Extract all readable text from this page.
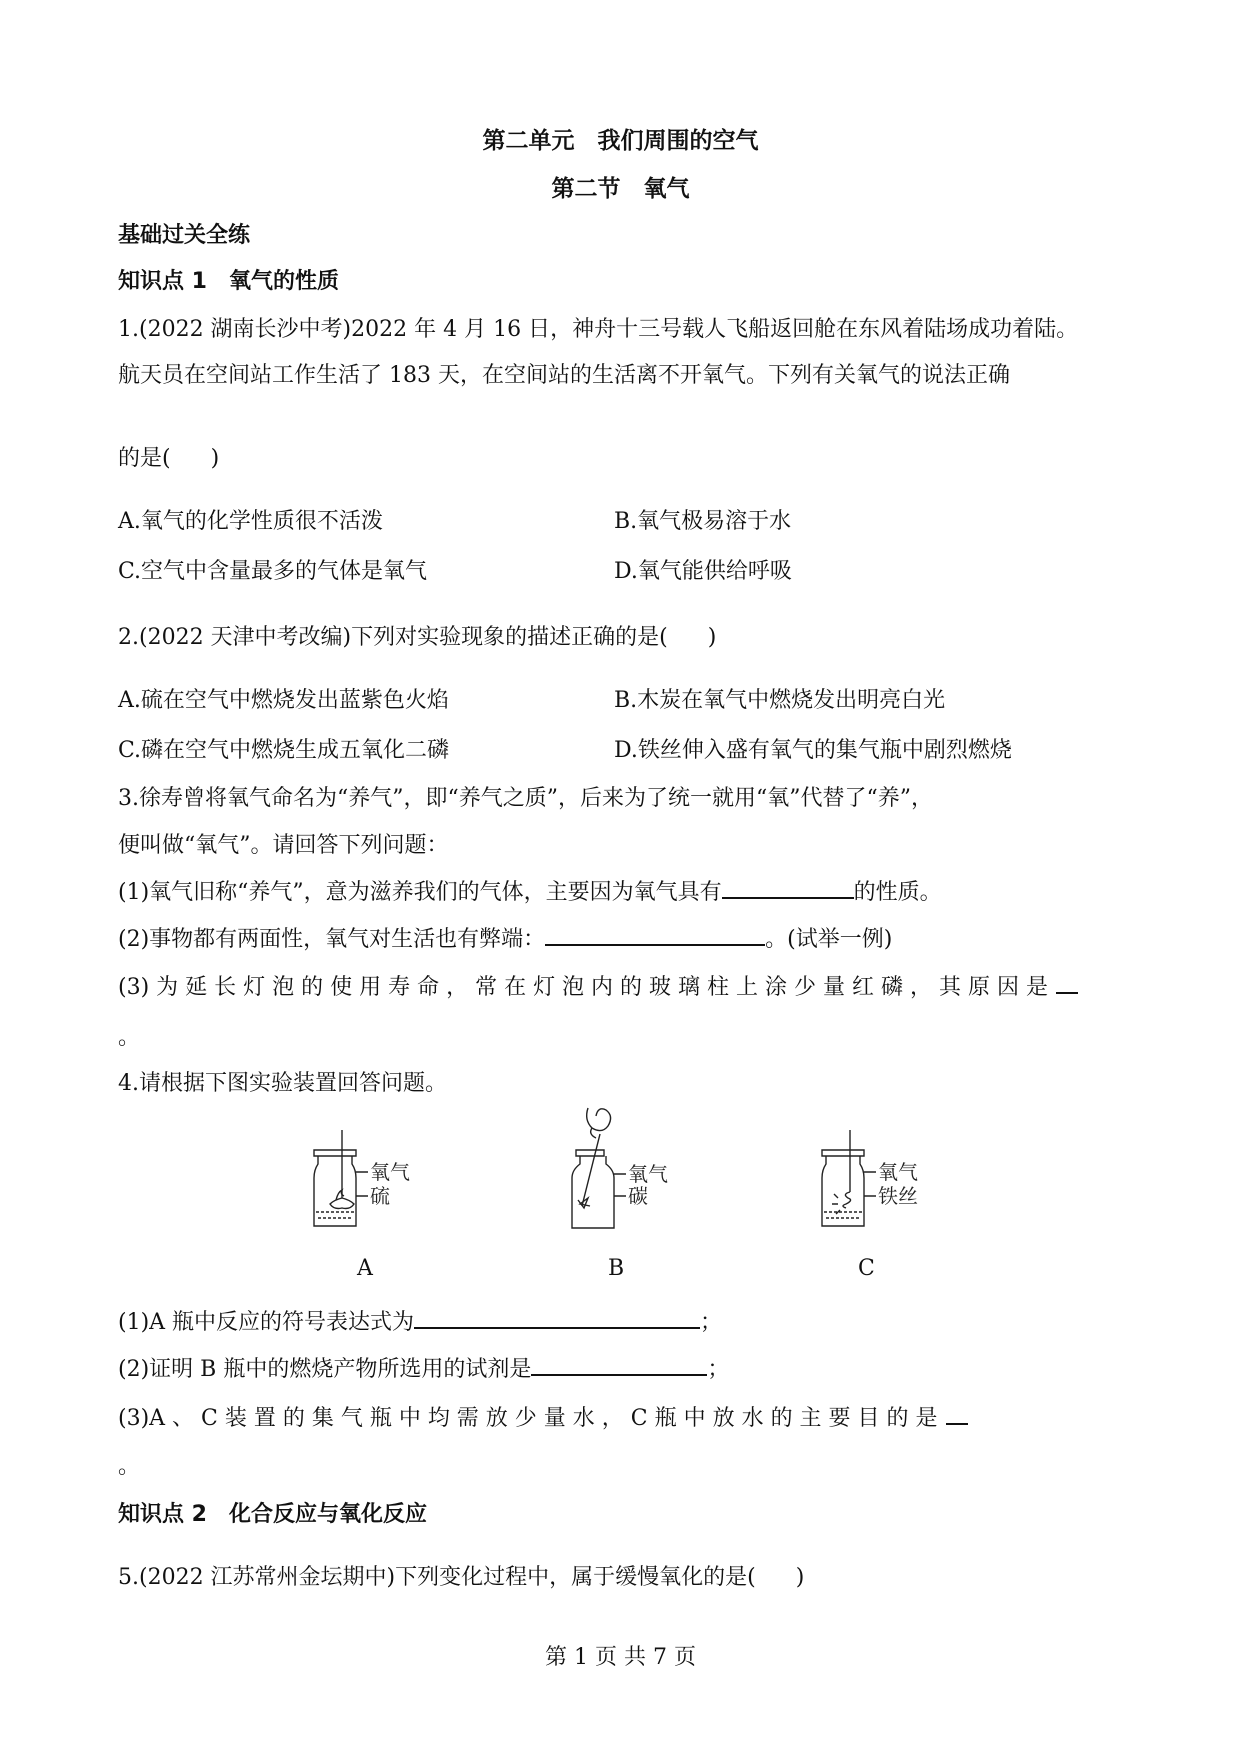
第二单元　我们周围的空气
第二节　氧气
基础过关全练
知识点 1　氧气的性质
1.(2022 湖南长沙中考)2022 年 4 月 16 日，神舟十三号载人飞船返回舱在东风着陆场成功着陆。
航天员在空间站工作生活了 183 天，在空间站的生活离不开氧气。下列有关氧气的说法正确
的是( )
A.氧气的化学性质很不活泼	B.氧气极易溶于水
C.空气中含量最多的气体是氧气	D.氧气能供给呼吸
2.(2022 天津中考改编)下列对实验现象的描述正确的是( )
A.硫在空气中燃烧发出蓝紫色火焰	B.木炭在氧气中燃烧发出明亮白光
C.磷在空气中燃烧生成五氧化二磷	D.铁丝伸入盛有氧气的集气瓶中剧烈燃烧
3.徐寿曾将氧气命名为“养气”，即“养气之质”，后来为了统一就用“氧”代替了“养”，
便叫做“氧气”。请回答下列问题：
(1)氧气旧称“养气”，意为滋养我们的气体，主要因为氧气具有	的性质。
(2)事物都有两面性，氧气对生活也有弊端：	。(试举一例)
(3) 为 延 长 灯 泡 的 使 用 寿 命 ， 常 在 灯 泡 内 的 玻 璃 柱 上 涂 少 量 红 磷 ， 其 原 因 是
。
4.请根据下图实验装置回答问题。
氧气
硫
氧气
碳
氧气
铁丝
A	B	C
(1)A 瓶中反应的符号表达式为	；
(2)证明 B 瓶中的燃烧产物所选用的试剂是	；
(3)A 、 C 装 置 的 集 气 瓶 中 均 需 放 少 量 水 ， C 瓶 中 放 水 的 主 要 目 的 是
。
知识点 2　化合反应与氧化反应
5.(2022 江苏常州金坛期中)下列变化过程中，属于缓慢氧化的是( )
第 1 页 共 7 页
